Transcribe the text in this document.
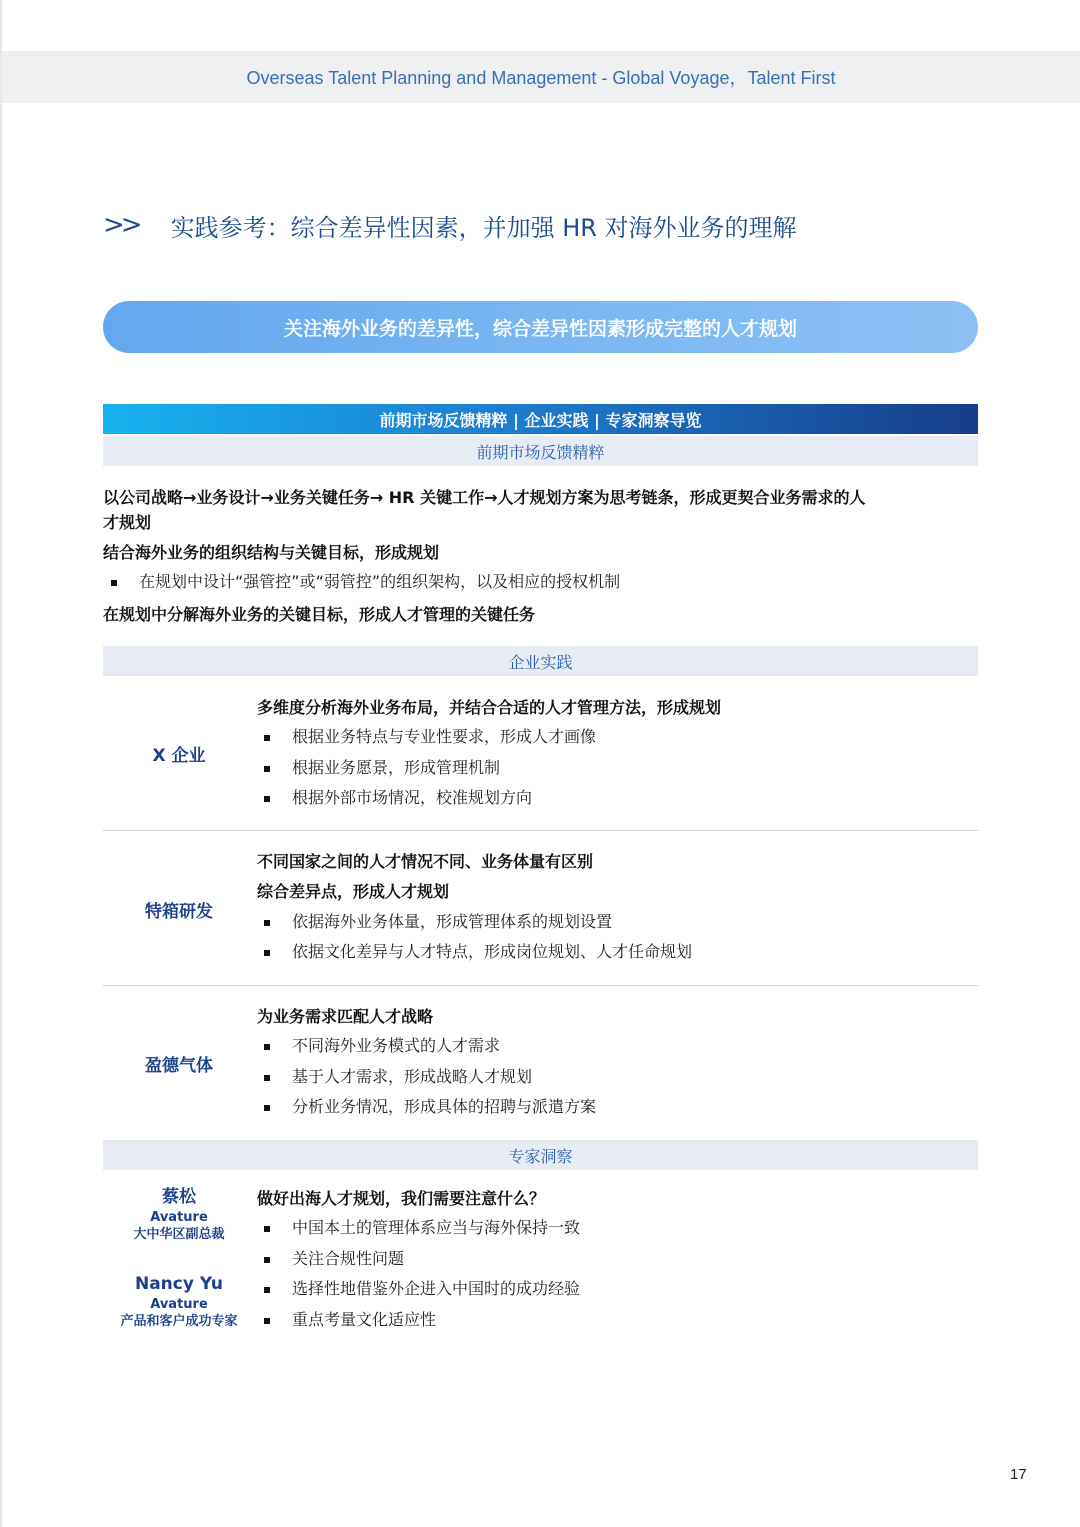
Overseas Talent Planning and Management - Global Voyage，Talent First
>> 实践参考：综合差异性因素，并加强 HR 对海外业务的理解
关注海外业务的差异性，综合差异性因素形成完整的人才规划
前期市场反馈精粹 | 企业实践 | 专家洞察导览
前期市场反馈精粹
以公司战略→业务设计→业务关键任务→ HR 关键工作→人才规划方案为思考链条，形成更契合业务需求的人
才规划
结合海外业务的组织结构与关键目标，形成规划
在规划中设计“强管控”或“弱管控”的组织架构，以及相应的授权机制
在规划中分解海外业务的关键目标，形成人才管理的关键任务
企业实践
X 企业
多维度分析海外业务布局，并结合合适的人才管理方法，形成规划
根据业务特点与专业性要求，形成人才画像
根据业务愿景，形成管理机制
根据外部市场情况，校准规划方向
特箱研发
不同国家之间的人才情况不同、业务体量有区别
综合差异点，形成人才规划
依据海外业务体量，形成管理体系的规划设置
依据文化差异与人才特点，形成岗位规划、人才任命规划
盈德气体
为业务需求匹配人才战略
不同海外业务模式的人才需求
基于人才需求，形成战略人才规划
分析业务情况，形成具体的招聘与派遣方案
专家洞察
蔡松
Avature
大中华区副总裁
Nancy Yu
Avature
产品和客户成功专家
做好出海人才规划，我们需要注意什么？
中国本土的管理体系应当与海外保持一致
关注合规性问题
选择性地借鉴外企进入中国时的成功经验
重点考量文化适应性
17
